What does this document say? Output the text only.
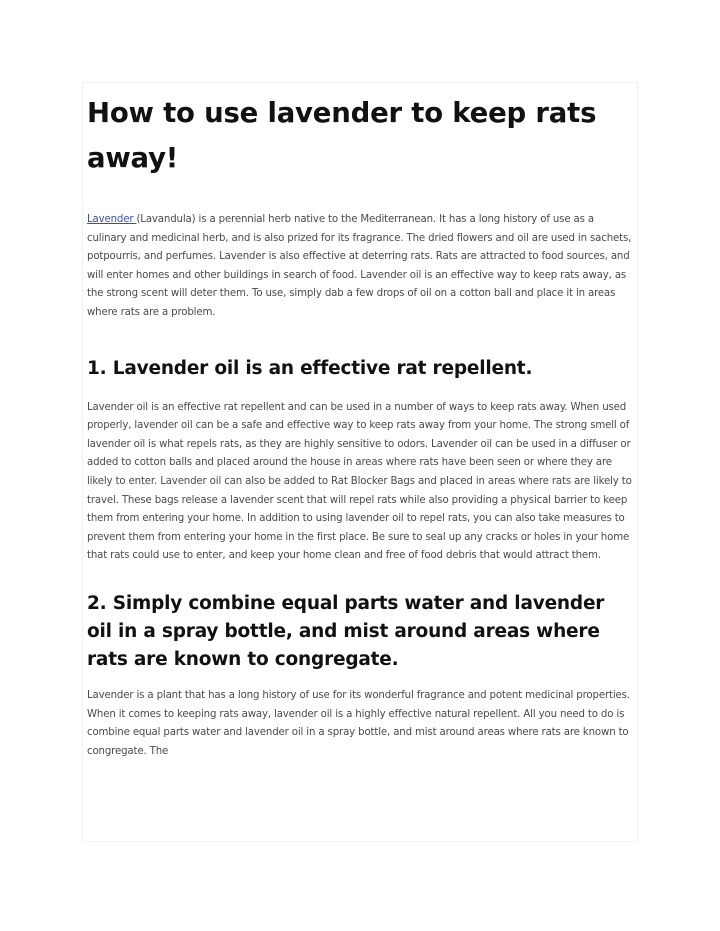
How to use lavender to keep rats away!

Lavender (Lavandula) is a perennial herb native to the Mediterranean. It has a long history of use as a culinary and medicinal herb, and is also prized for its fragrance. The dried flowers and oil are used in sachets, potpourris, and perfumes. Lavender is also effective at deterring rats. Rats are attracted to food sources, and will enter homes and other buildings in search of food. Lavender oil is an effective way to keep rats away, as the strong scent will deter them. To use, simply dab a few drops of oil on a cotton ball and place it in areas where rats are a problem.

1. Lavender oil is an effective rat repellent.

Lavender oil is an effective rat repellent and can be used in a number of ways to keep rats away. When used properly, lavender oil can be a safe and effective way to keep rats away from your home. The strong smell of lavender oil is what repels rats, as they are highly sensitive to odors. Lavender oil can be used in a diffuser or added to cotton balls and placed around the house in areas where rats have been seen or where they are likely to enter. Lavender oil can also be added to Rat Blocker Bags and placed in areas where rats are likely to travel. These bags release a lavender scent that will repel rats while also providing a physical barrier to keep them from entering your home. In addition to using lavender oil to repel rats, you can also take measures to prevent them from entering your home in the first place. Be sure to seal up any cracks or holes in your home that rats could use to enter, and keep your home clean and free of food debris that would attract them.

2. Simply combine equal parts water and lavender oil in a spray bottle, and mist around areas where rats are known to congregate.

Lavender is a plant that has a long history of use for its wonderful fragrance and potent medicinal properties. When it comes to keeping rats away, lavender oil is a highly effective natural repellent. All you need to do is combine equal parts water and lavender oil in a spray bottle, and mist around areas where rats are known to congregate. The
